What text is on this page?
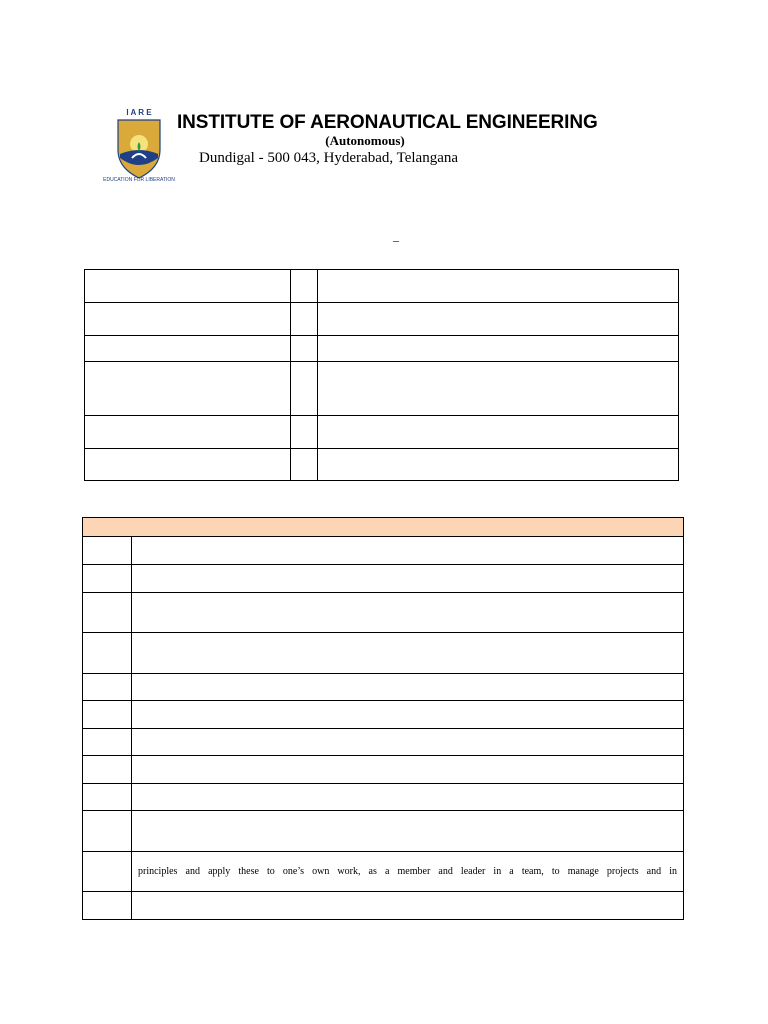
I A R E
EDUCATION FOR LIBERATION
INSTITUTE OF AERONAUTICAL ENGINEERING
(Autonomous)
Dundigal - 500 043, Hyderabad, Telangana
_

	principles and apply these to one’s own work, as a member and leader in a team, to manage projects and in
